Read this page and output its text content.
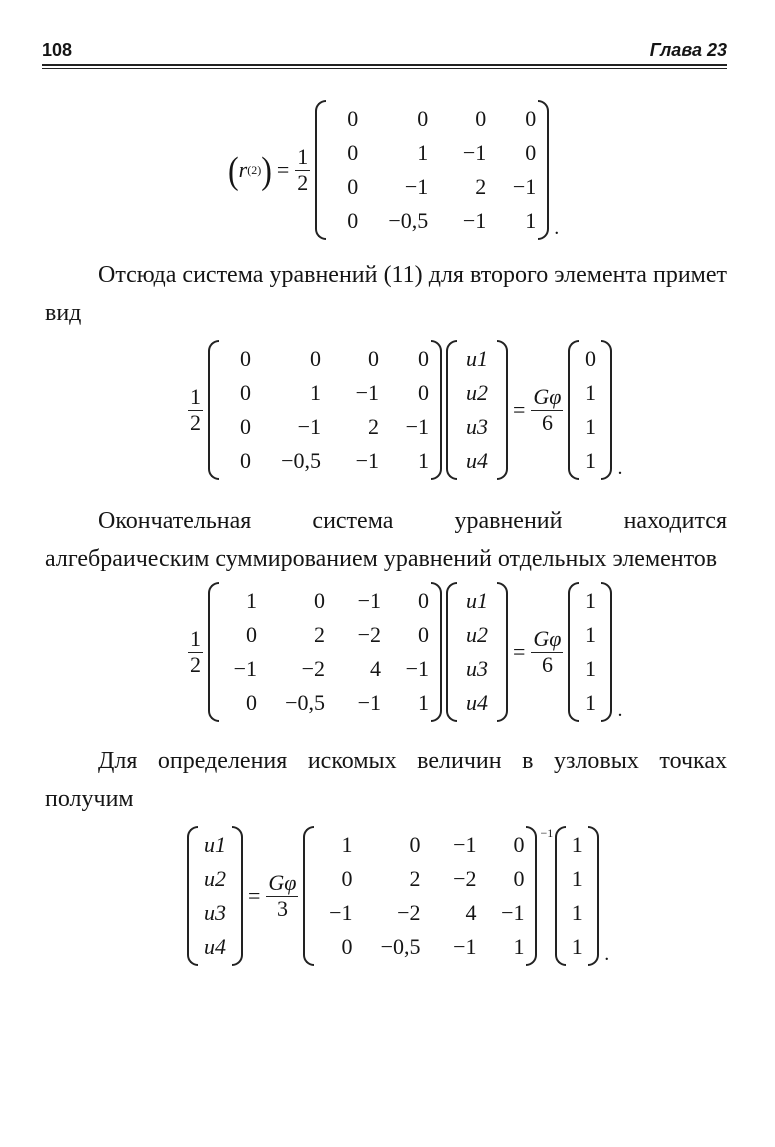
108	Глава 23
( r (2) ) = $\frac{1}{2}$
0	0	0	0
0	1	−1	0
0	−1	2	−1
0	−0,5	−1	1 .

Отсюда система уравнений (11) для второго элемента примет вид

$\frac{1}{2}$
0	0	0	0
0	1	−1	0
0	−1	2	−1
0	−0,5	−1	1
u1
u2
u3
u4
= $\frac{G\varphi}{6}$
0
1
1
1 .

Окончательная система уравнений находится алгебраическим суммированием уравнений отдельных элементов

$\frac{1}{2}$
1	0	−1	0
0	2	−2	0
−1	−2	4	−1
0	−0,5	−1	1
u1
u2
u3
u4
= $\frac{G\varphi}{6}$
1
1
1
1 .

Для определения искомых величин в узловых точках получим

u1
u2
u3
u4
= $\frac{G\varphi}{3}$
1	0	−1	0
0	2	−2	0
−1	−2	4	−1
0	−0,5	−1	1
−1 1
1
1
1 .
